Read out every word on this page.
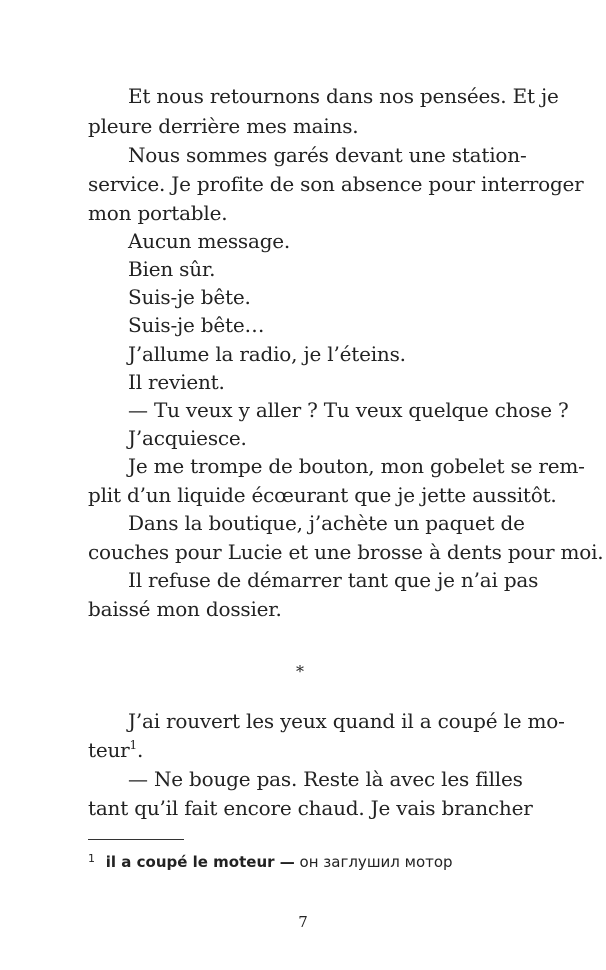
Et nous retournons dans nos pensées. Et je
pleure derrière mes mains.
Nous sommes garés devant une station-
service. Je profite de son absence pour interroger
mon portable.
Aucun message.
Bien sûr.
Suis-je bête.
Suis-je bête…
J’allume la radio, je l’éteins.
Il revient.
— Tu veux y aller ? Tu veux quelque chose ?
J’acquiesce.
Je me trompe de bouton, mon gobelet se rem-
plit d’un liquide écœurant que je jette aussitôt.
Dans la boutique, j’achète un paquet de
couches pour Lucie et une brosse à dents pour moi.
Il refuse de démarrer tant que je n’ai pas
baissé mon dossier.
*
J’ai rouvert les yeux quand il a coupé le mo-
teur$^1$.
— Ne bouge pas. Reste là avec les filles
tant qu’il fait encore chaud. Je vais brancher
$^1$ il a coupé le moteur — он заглушил мотор
7
